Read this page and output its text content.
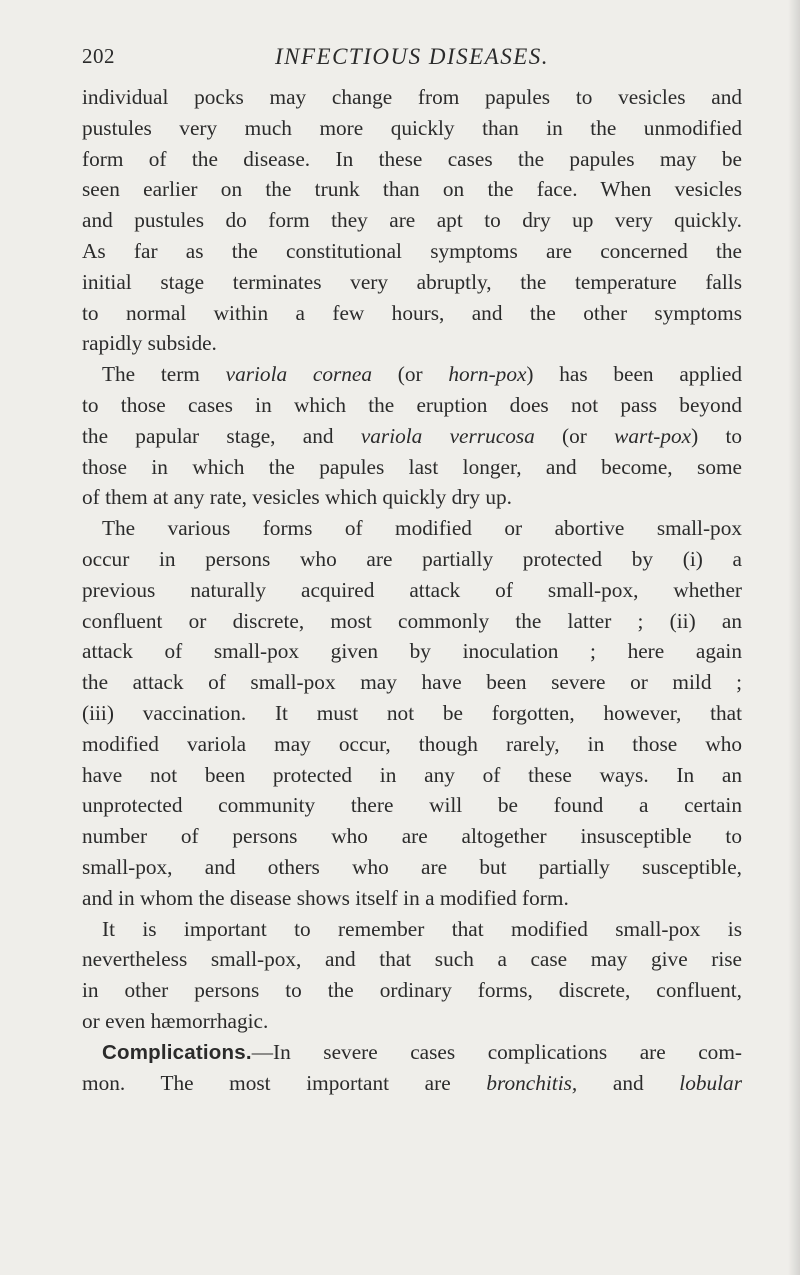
202	INFECTIOUS DISEASES.
individual pocks may change from papules to vesicles and
pustules very much more quickly than in the unmodified
form of the disease. In these cases the papules may be
seen earlier on the trunk than on the face. When vesicles
and pustules do form they are apt to dry up very quickly.
As far as the constitutional symptoms are concerned the
initial stage terminates very abruptly, the temperature falls
to normal within a few hours, and the other symptoms
rapidly subside.
The term variola cornea (or horn-pox) has been applied
to those cases in which the eruption does not pass beyond
the papular stage, and variola verrucosa (or wart-pox) to
those in which the papules last longer, and become, some
of them at any rate, vesicles which quickly dry up.
The various forms of modified or abortive small-pox
occur in persons who are partially protected by (i) a
previous naturally acquired attack of small-pox, whether
confluent or discrete, most commonly the latter ; (ii) an
attack of small-pox given by inoculation ; here again
the attack of small-pox may have been severe or mild ;
(iii) vaccination. It must not be forgotten, however, that
modified variola may occur, though rarely, in those who
have not been protected in any of these ways. In an
unprotected community there will be found a certain
number of persons who are altogether insusceptible to
small-pox, and others who are but partially susceptible,
and in whom the disease shows itself in a modified form.
It is important to remember that modified small-pox is
nevertheless small-pox, and that such a case may give rise
in other persons to the ordinary forms, discrete, confluent,
or even hæmorrhagic.
Complications.—In severe cases complications are com-
mon. The most important are bronchitis, and lobular
